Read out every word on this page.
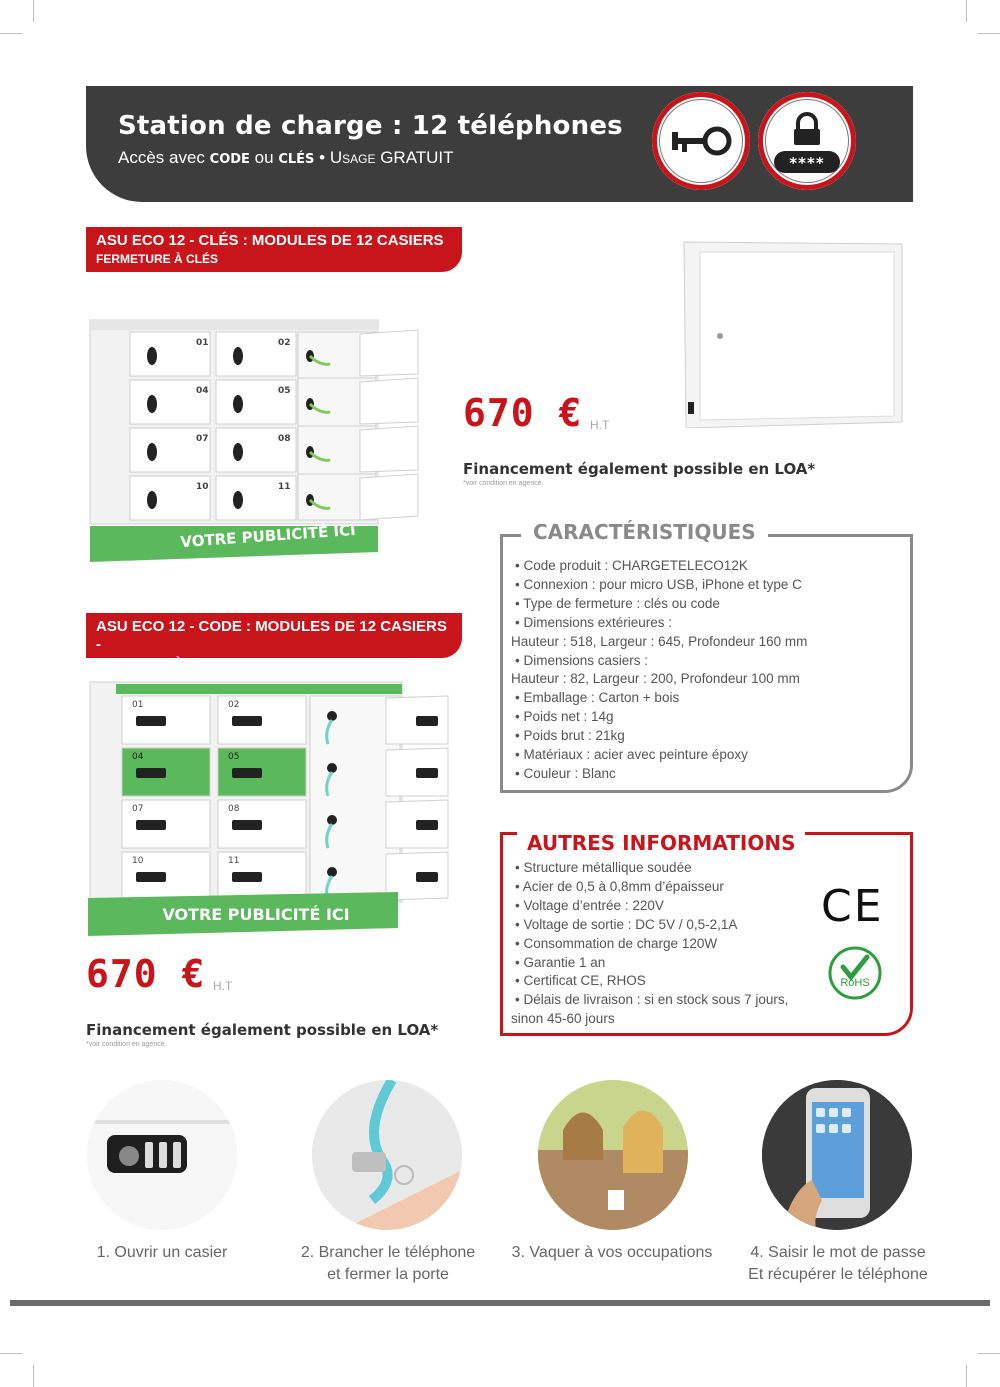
Station de charge : 12 téléphones
Accès avec CODE ou CLÉS • Usage GRATUIT	****
ASU ECO 12 - CLÉS : MODULES DE 12 CASIERS
FERMETURE À CLÉS
01	02
04	05
07	08
10	11
VOTRE PUBLICITÉ ICI
670 € H.T
Financement également possible en LOA*
*voir condition en agence.
CARACTÉRISTIQUES
• Code produit : CHARGETELECO12K
• Connexion : pour micro USB, iPhone et type C
• Type de fermeture : clés ou code
• Dimensions extérieures :
Hauteur : 518, Largeur : 645, Profondeur 160 mm
• Dimensions casiers :
Hauteur : 82, Largeur : 200, Profondeur 100 mm
• Emballage : Carton + bois
• Poids net : 14g
• Poids brut : 21kg
• Matériaux : acier avec peinture époxy
• Couleur : Blanc
ASU ECO 12 - CODE : MODULES DE 12 CASIERS -
FERMETURE À CODES
01	02
04	05
07	08
10	11
VOTRE PUBLICITÉ ICI
670 € H.T
Financement également possible en LOA*
*voir condition en agence.
AUTRES INFORMATIONS
• Structure métallique soudée
• Acier de 0,5 à 0,8mm d’épaisseur
• Voltage d’entrée : 220V
• Voltage de sortie : DC 5V / 0,5-2,1A
• Consommation de charge 120W
• Garantie 1 an
• Certificat CE, RHOS
• Délais de livraison : si en stock sous 7 jours,
sinon 45-60 jours
CE
RoHS
1. Ouvrir un casier	2. Brancher le téléphone
et fermer la porte
3. Vaquer à vos occupations	4. Saisir le mot de passe
Et récupérer le téléphone
